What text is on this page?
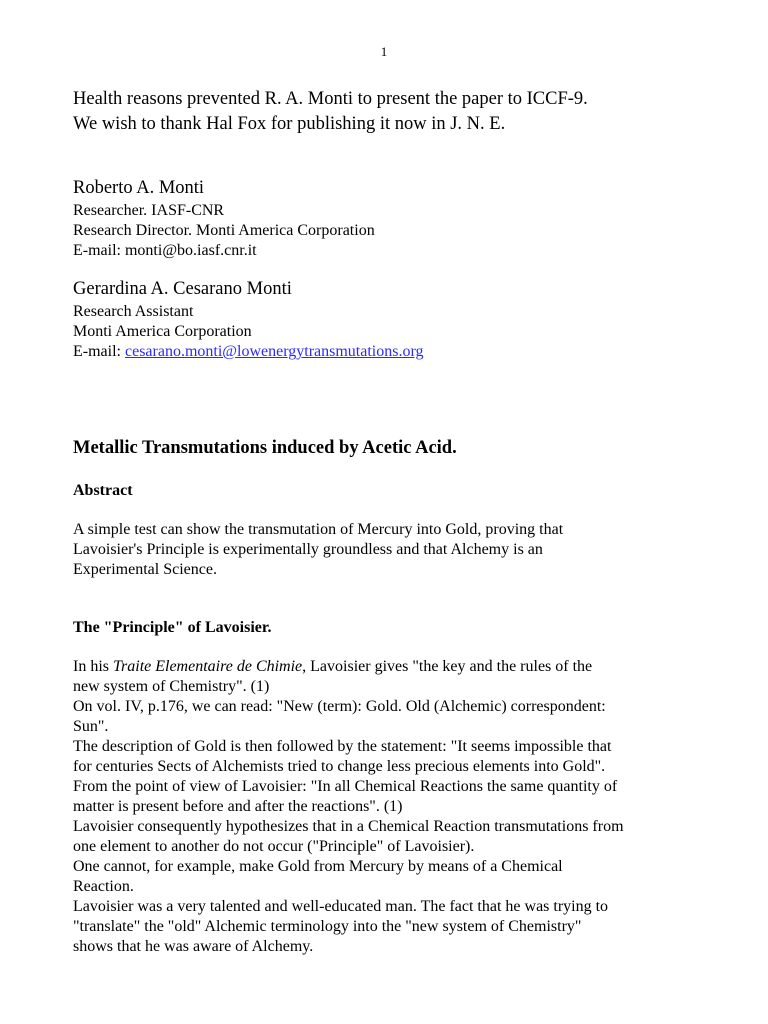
1
Health reasons prevented R. A. Monti to present the paper to ICCF-9.
We wish to thank Hal Fox for publishing it now in J. N. E.
Roberto A. Monti
Researcher. IASF-CNR
Research Director. Monti America Corporation
E-mail: monti@bo.iasf.cnr.it
Gerardina A. Cesarano Monti
Research Assistant
Monti America Corporation
E-mail: cesarano.monti@lowenergytransmutations.org
Metallic Transmutations induced by Acetic Acid.
Abstract
A simple test can show the transmutation of Mercury into Gold, proving that
Lavoisier's Principle is experimentally groundless and that Alchemy is an
Experimental Science.
The "Principle" of Lavoisier.
In his Traite Elementaire de Chimie, Lavoisier gives "the key and the rules of the
new system of Chemistry". (1)
On vol. IV, p.176, we can read: "New (term): Gold. Old (Alchemic) correspondent:
Sun".
The description of Gold is then followed by the statement: "It seems impossible that
for centuries Sects of Alchemists tried to change less precious elements into Gold".
From the point of view of Lavoisier: "In all Chemical Reactions the same quantity of
matter is present before and after the reactions". (1)
Lavoisier consequently hypothesizes that in a Chemical Reaction transmutations from
one element to another do not occur ("Principle" of Lavoisier).
One cannot, for example, make Gold from Mercury by means of a Chemical
Reaction.
Lavoisier was a very talented and well-educated man. The fact that he was trying to
"translate" the "old" Alchemic terminology into the "new system of Chemistry"
shows that he was aware of Alchemy.
